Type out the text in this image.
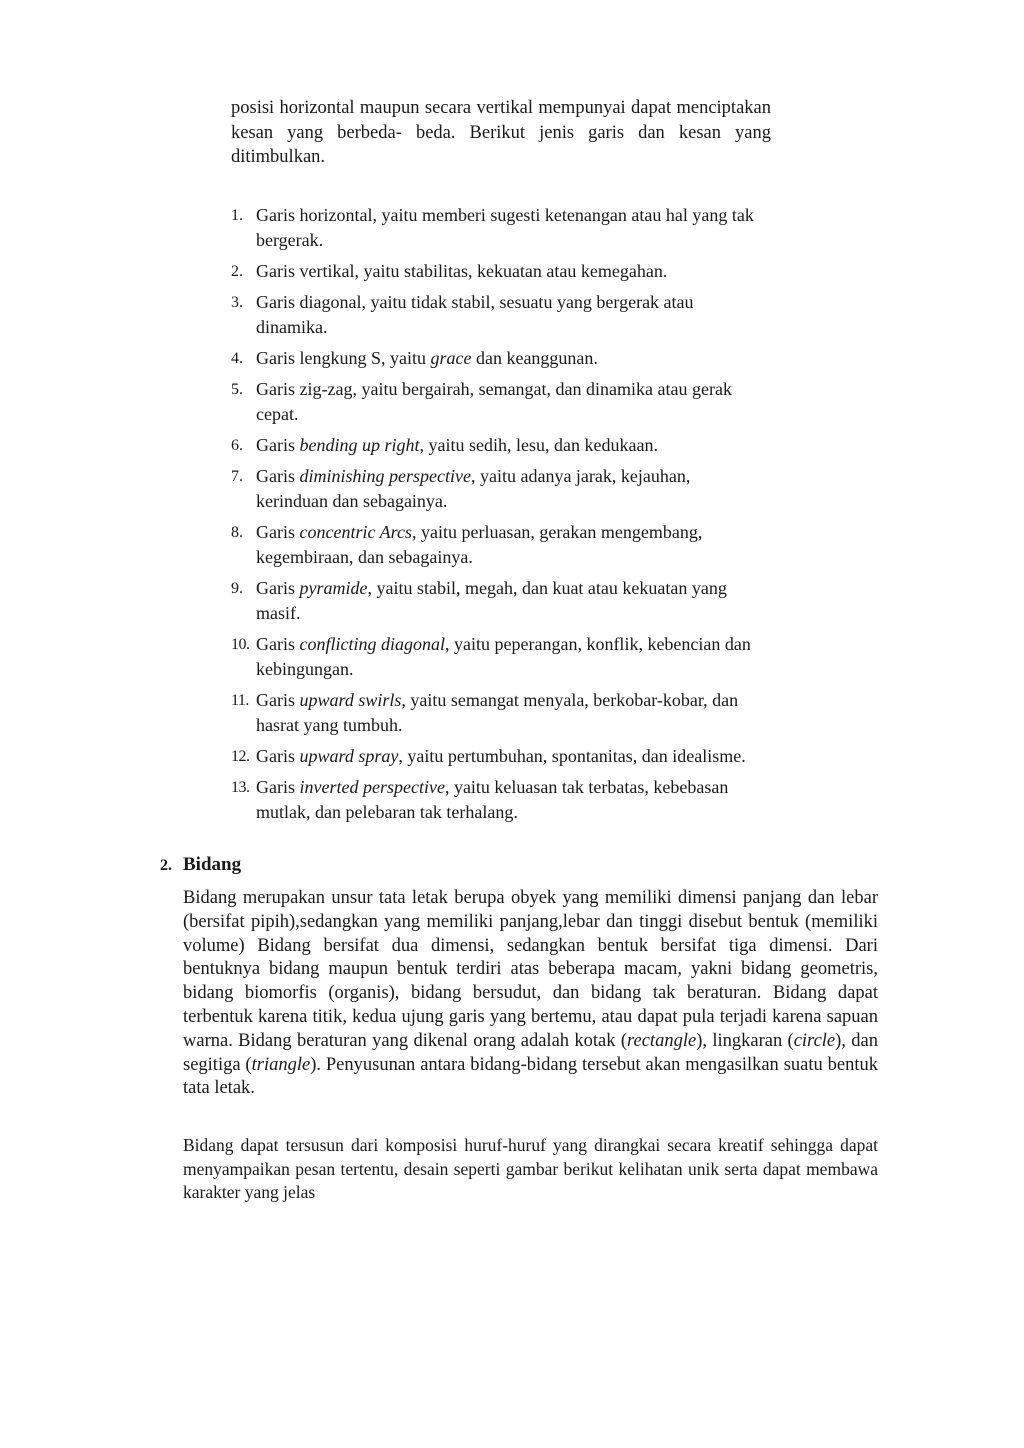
posisi horizontal maupun secara vertikal mempunyai dapat menciptakan kesan yang berbeda- beda. Berikut jenis garis dan kesan yang ditimbulkan.

1. Garis horizontal, yaitu memberi sugesti ketenangan atau hal yang tak bergerak.
2. Garis vertikal, yaitu stabilitas, kekuatan atau kemegahan.
3. Garis diagonal, yaitu tidak stabil, sesuatu yang bergerak atau dinamika.
4. Garis lengkung S, yaitu grace dan keanggunan.
5. Garis zig-zag, yaitu bergairah, semangat, dan dinamika atau gerak cepat.
6. Garis bending up right, yaitu sedih, lesu, dan kedukaan.
7. Garis diminishing perspective, yaitu adanya jarak, kejauhan, kerinduan dan sebagainya.
8. Garis concentric Arcs, yaitu perluasan, gerakan mengembang, kegembiraan, dan sebagainya.
9. Garis pyramide, yaitu stabil, megah, dan kuat atau kekuatan yang masif.
10. Garis conflicting diagonal, yaitu peperangan, konflik, kebencian dan kebingungan.
11. Garis upward swirls, yaitu semangat menyala, berkobar-kobar, dan hasrat yang tumbuh.
12. Garis upward spray, yaitu pertumbuhan, spontanitas, dan idealisme.
13. Garis inverted perspective, yaitu keluasan tak terbatas, kebebasan mutlak, dan pelebaran tak terhalang.
2. Bidang

Bidang merupakan unsur tata letak berupa obyek yang memiliki dimensi panjang dan lebar (bersifat pipih),sedangkan yang memiliki panjang,lebar dan tinggi disebut bentuk (memiliki volume) Bidang bersifat dua dimensi, sedangkan bentuk bersifat tiga dimensi. Dari bentuknya bidang maupun bentuk terdiri atas beberapa macam, yakni bidang geometris, bidang biomorfis (organis), bidang bersudut, dan bidang tak beraturan. Bidang dapat terbentuk karena titik, kedua ujung garis yang bertemu, atau dapat pula terjadi karena sapuan warna. Bidang beraturan yang dikenal orang adalah kotak (rectangle), lingkaran (circle), dan segitiga (triangle). Penyusunan antara bidang-bidang tersebut akan mengasilkan suatu bentuk tata letak.

Bidang dapat tersusun dari komposisi huruf-huruf yang dirangkai secara kreatif sehingga dapat menyampaikan pesan tertentu, desain seperti gambar berikut kelihatan unik serta dapat membawa karakter yang jelas
